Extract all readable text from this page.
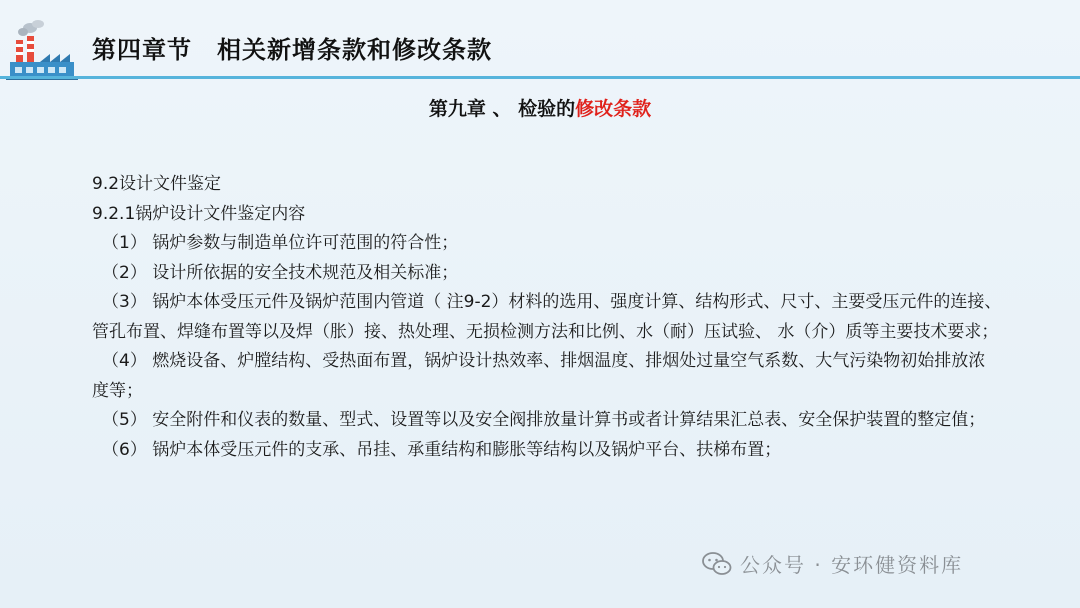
第四章节　相关新增条款和修改条款
第九章 、 检验的修改条款

9.2设计文件鉴定

9.2.1锅炉设计文件鉴定内容

（1） 锅炉参数与制造单位许可范围的符合性；

（2） 设计所依据的安全技术规范及相关标准；

（3） 锅炉本体受压元件及锅炉范围内管道（ 注9-2）材料的选用、强度计算、结构形式、尺寸、主要受压元件的连接、管孔布置、焊缝布置等以及焊（胀）接、热处理、无损检测方法和比例、水（耐）压试验、 水（介）质等主要技术要求；

（4） 燃烧设备、炉膛结构、受热面布置，锅炉设计热效率、排烟温度、排烟处过量空气系数、大气污染物初始排放浓度等；

（5） 安全附件和仪表的数量、型式、设置等以及安全阀排放量计算书或者计算结果汇总表、安全保护装置的整定值；

（6） 锅炉本体受压元件的支承、吊挂、承重结构和膨胀等结构以及锅炉平台、扶梯布置；

公众号 · 安环健资料库
